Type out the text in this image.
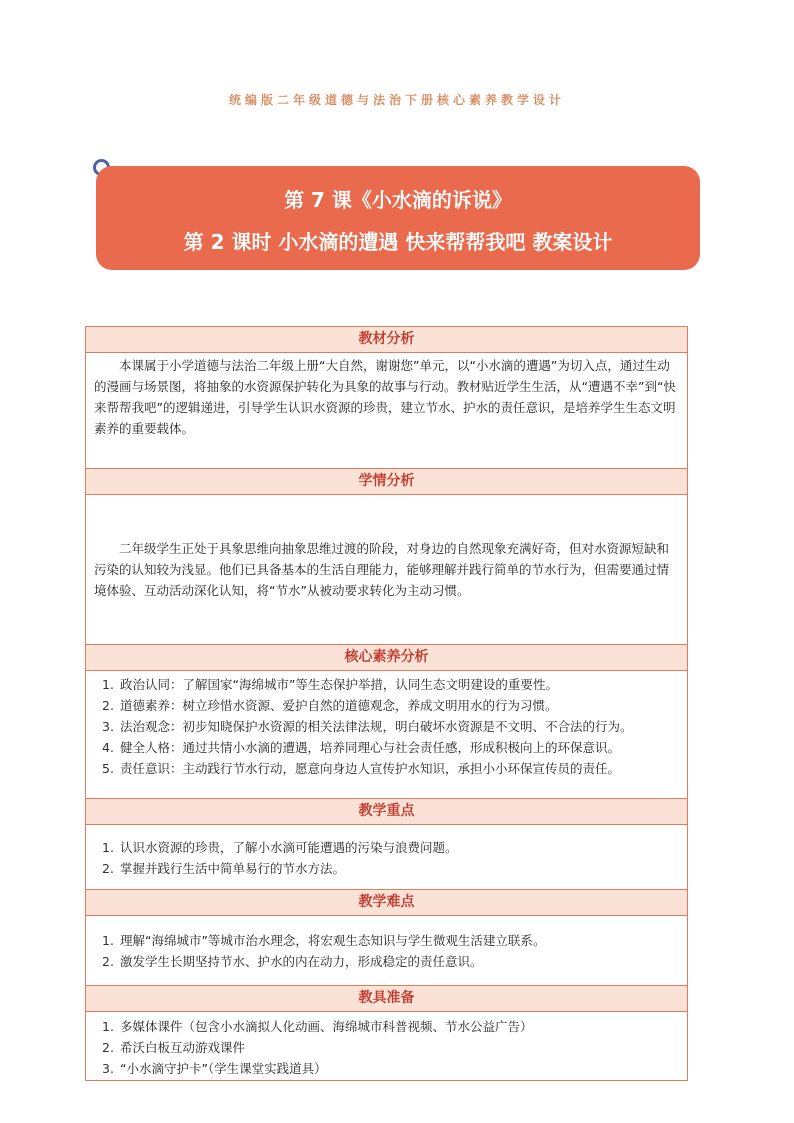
统编版二年级道德与法治下册核心素养教学设计
第 7 课《小水滴的诉说》
第 2 课时 小水滴的遭遇 快来帮帮我吧 教案设计
教材分析

本课属于小学道德与法治二年级上册“大自然，谢谢您”单元，以“小水滴的遭遇”为切入点，通过生动的漫画与场景图，将抽象的水资源保护转化为具象的故事与行动。教材贴近学生生活，从“遭遇不幸”到“快来帮帮我吧”的逻辑递进，引导学生认识水资源的珍贵，建立节水、护水的责任意识，是培养学生生态文明素养的重要载体。

学情分析

二年级学生正处于具象思维向抽象思维过渡的阶段，对身边的自然现象充满好奇，但对水资源短缺和污染的认知较为浅显。他们已具备基本的生活自理能力，能够理解并践行简单的节水行为，但需要通过情境体验、互动活动深化认知，将“节水”从被动要求转化为主动习惯。

核心素养分析
1. 政治认同：了解国家“海绵城市”等生态保护举措，认同生态文明建设的重要性。
2. 道德素养：树立珍惜水资源、爱护自然的道德观念，养成文明用水的行为习惯。
3. 法治观念：初步知晓保护水资源的相关法律法规，明白破坏水资源是不文明、不合法的行为。
4. 健全人格：通过共情小水滴的遭遇，培养同理心与社会责任感，形成积极向上的环保意识。
5. 责任意识：主动践行节水行动，愿意向身边人宣传护水知识，承担小小环保宣传员的责任。
教学重点
1. 认识水资源的珍贵，了解小水滴可能遭遇的污染与浪费问题。
2. 掌握并践行生活中简单易行的节水方法。
教学难点
1. 理解“海绵城市”等城市治水理念，将宏观生态知识与学生微观生活建立联系。
2. 激发学生长期坚持节水、护水的内在动力，形成稳定的责任意识。
教具准备
1. 多媒体课件（包含小水滴拟人化动画、海绵城市科普视频、节水公益广告）
2. 希沃白板互动游戏课件
3. “小水滴守护卡”（学生课堂实践道具）
